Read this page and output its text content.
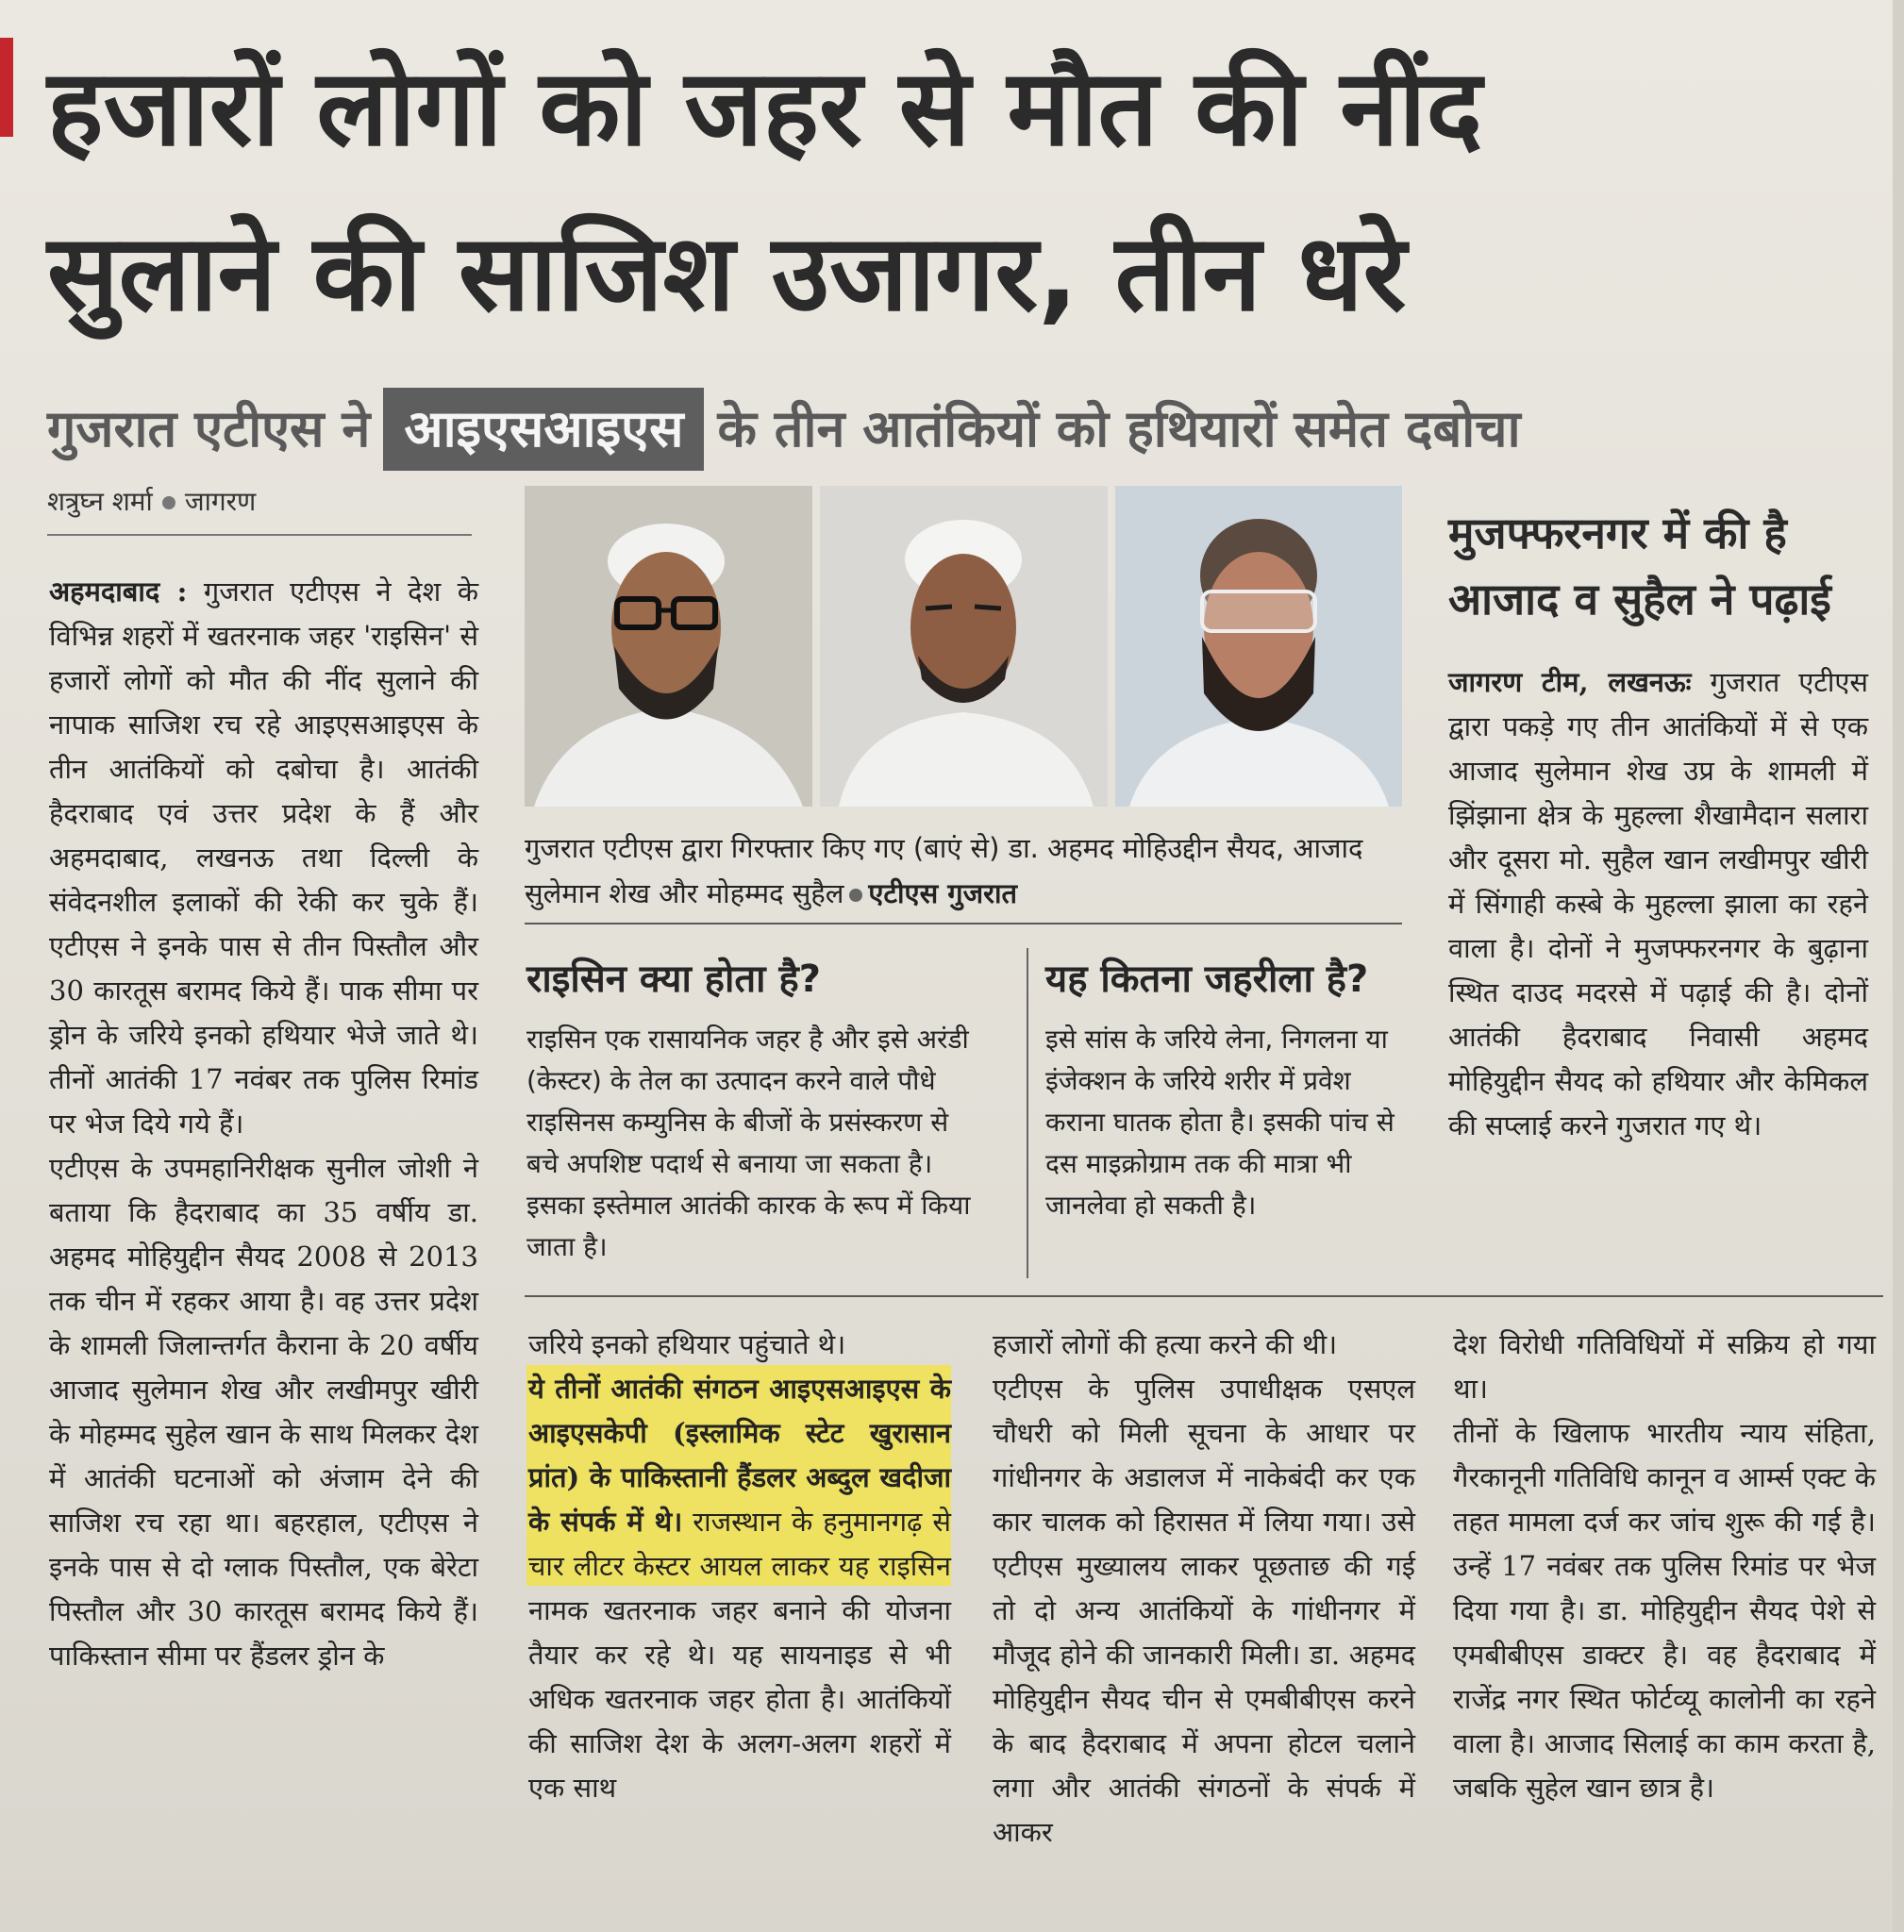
हजारों लोगों को जहर से मौत की नींद
सुलाने की साजिश उजागर, तीन धरे
गुजरात एटीएस ने आइएसआइएस के तीन आतंकियों को हथियारों समेत दबोचा
शत्रुघ्न शर्मा जागरण
अहमदाबाद : गुजरात एटीएस ने देश के विभिन्न शहरों में खतरनाक जहर 'राइसिन' से हजारों लोगों को मौत की नींद सुलाने की नापाक साजिश रच रहे आइएसआइएस के तीन आतंकियों को दबोचा है। आतंकी हैदराबाद एवं उत्तर प्रदेश के हैं और अहमदाबाद, लखनऊ तथा दिल्ली के संवेदनशील इलाकों की रेकी कर चुके हैं। एटीएस ने इनके पास से तीन पिस्तौल और 30 कारतूस बरामद किये हैं। पाक सीमा पर ड्रोन के जरिये इनको हथियार भेजे जाते थे। तीनों आतंकी 17 नवंबर तक पुलिस रिमांड पर भेज दिये गये हैं।
एटीएस के उपमहानिरीक्षक सुनील जोशी ने बताया कि हैदराबाद का 35 वर्षीय डा. अहमद मोहियुद्दीन सैयद 2008 से 2013 तक चीन में रहकर आया है। वह उत्तर प्रदेश के शामली जिलान्तर्गत कैराना के 20 वर्षीय आजाद सुलेमान शेख और लखीमपुर खीरी के मोहम्मद सुहेल खान के साथ मिलकर देश में आतंकी घटनाओं को अंजाम देने की साजिश रच रहा था। बहरहाल, एटीएस ने इनके पास से दो ग्लाक पिस्तौल, एक बेरेटा पिस्तौल और 30 कारतूस बरामद किये हैं। पाकिस्तान सीमा पर हैंडलर ड्रोन के
गुजरात एटीएस द्वारा गिरफ्तार किए गए (बाएं से) डा. अहमद मोहिउद्दीन सैयद, आजाद सुलेमान शेख और मोहम्मद सुहैल एटीएस गुजरात
राइसिन क्या होता है?
राइसिन एक रासायनिक जहर है और इसे अरंडी (केस्टर) के तेल का उत्पादन करने वाले पौधे राइसिनस कम्युनिस के बीजों के प्रसंस्करण से बचे अपशिष्ट पदार्थ से बनाया जा सकता है। इसका इस्तेमाल आतंकी कारक के रूप में किया जाता है।
यह कितना जहरीला है?
इसे सांस के जरिये लेना, निगलना या इंजेक्शन के जरिये शरीर में प्रवेश कराना घातक होता है। इसकी पांच से दस माइक्रोग्राम तक की मात्रा भी जानलेवा हो सकती है।
मुजफ्फरनगर में की है आजाद व सुहैल ने पढ़ाई
जागरण टीम, लखनऊः गुजरात एटीएस द्वारा पकड़े गए तीन आतंकियों में से एक आजाद सुलेमान शेख उप्र के शामली में झिंझाना क्षेत्र के मुहल्ला शैखामैदान सलारा और दूसरा मो. सुहैल खान लखीमपुर खीरी में सिंगाही कस्बे के मुहल्ला झाला का रहने वाला है। दोनों ने मुजफ्फरनगर के बुढ़ाना स्थित दाउद मदरसे में पढ़ाई की है। दोनों आतंकी हैदराबाद निवासी अहमद मोहियुद्दीन सैयद को हथियार और केमिकल की सप्लाई करने गुजरात गए थे।
जरिये इनको हथियार पहुंचाते थे।
ये तीनों आतंकी संगठन आइएसआइएस के आइएसकेपी (इस्लामिक स्टेट खुरासान प्रांत) के पाकिस्तानी हैंडलर अब्दुल खदीजा के संपर्क में थे। राजस्थान के हनुमानगढ़ से चार लीटर केस्टर आयल लाकर यह राइसिन नामक खतरनाक जहर बनाने की योजना तैयार कर रहे थे। यह सायनाइड से भी अधिक खतरनाक जहर होता है। आतंकियों की साजिश देश के अलग-अलग शहरों में एक साथ
हजारों लोगों की हत्या करने की थी।
एटीएस के पुलिस उपाधीक्षक एसएल चौधरी को मिली सूचना के आधार पर गांधीनगर के अडालज में नाकेबंदी कर एक कार चालक को हिरासत में लिया गया। उसे एटीएस मुख्यालय लाकर पूछताछ की गई तो दो अन्य आतंकियों के गांधीनगर में मौजूद होने की जानकारी मिली। डा. अहमद मोहियुद्दीन सैयद चीन से एमबीबीएस करने के बाद हैदराबाद में अपना होटल चलाने लगा और आतंकी संगठनों के संपर्क में आकर
देश विरोधी गतिविधियों में सक्रिय हो गया था।
तीनों के खिलाफ भारतीय न्याय संहिता, गैरकानूनी गतिविधि कानून व आर्म्स एक्ट के तहत मामला दर्ज कर जांच शुरू की गई है। उन्हें 17 नवंबर तक पुलिस रिमांड पर भेज दिया गया है। डा. मोहियुद्दीन सैयद पेशे से एमबीबीएस डाक्टर है। वह हैदराबाद में राजेंद्र नगर स्थित फोर्टव्यू कालोनी का रहने वाला है। आजाद सिलाई का काम करता है, जबकि सुहेल खान छात्र है।
